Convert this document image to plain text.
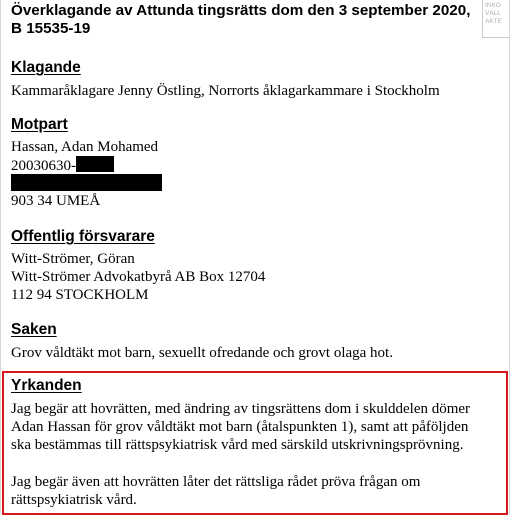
Överklagande av Attunda tingsrätts dom den 3 september 2020,
B 15535-19
INKO
VÄLL
AKTE
Klagande
Kammaråklagare Jenny Östling, Norrorts åklagarkammare i Stockholm
Motpart
Hassan, Adan Mohamed
20030630-
903 34 UMEÅ
Offentlig försvarare
Witt-Strömer, Göran
Witt-Strömer Advokatbyrå AB Box 12704
112 94 STOCKHOLM
Saken
Grov våldtäkt mot barn, sexuellt ofredande och grovt olaga hot.
Yrkanden
Jag begär att hovrätten, med ändring av tingsrättens dom i skulddelen dömer
Adan Hassan för grov våldtäkt mot barn (åtalspunkten 1), samt att påföljden
ska bestämmas till rättspsykiatrisk vård med särskild utskrivningsprövning.
Jag begär även att hovrätten låter det rättsliga rådet pröva frågan om
rättspsykiatrisk vård.
